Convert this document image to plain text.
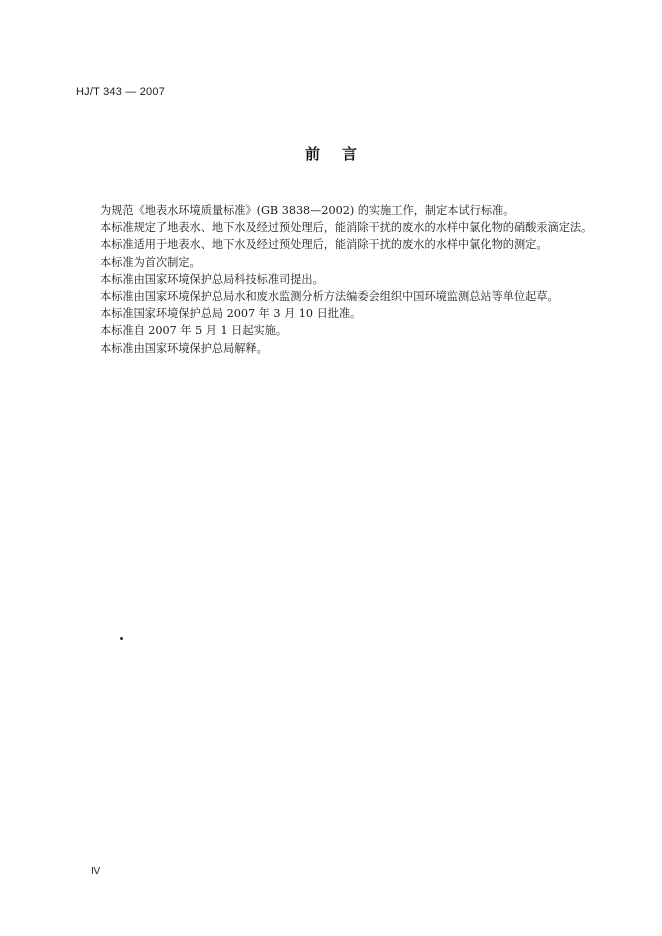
HJ/T 343 — 2007
前言

为规范《地表水环境质量标准》(GB 3838—2002) 的实施工作，制定本试行标准。

本标准规定了地表水、地下水及经过预处理后，能消除干扰的废水的水样中氯化物的硝酸汞滴定法。

本标准适用于地表水、地下水及经过预处理后，能消除干扰的废水的水样中氯化物的测定。

本标准为首次制定。

本标准由国家环境保护总局科技标准司提出。

本标准由国家环境保护总局水和废水监测分析方法编委会组织中国环境监测总站等单位起草。

本标准国家环境保护总局 2007 年 3 月 10 日批准。

本标准自 2007 年 5 月 1 日起实施。

本标准由国家环境保护总局解释。

Ⅳ
